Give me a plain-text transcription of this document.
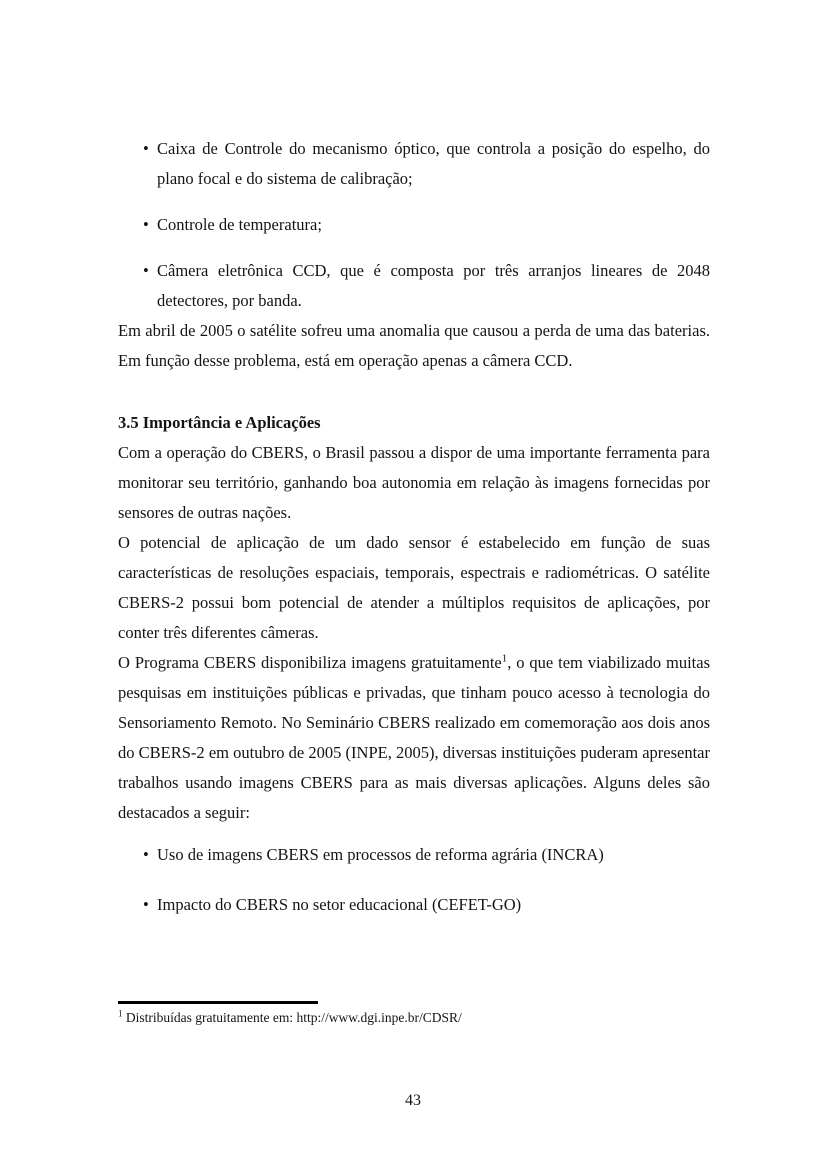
• Caixa de Controle do mecanismo óptico, que controla a posição do espelho, do plano focal e do sistema de calibração;
• Controle de temperatura;
• Câmera eletrônica CCD, que é composta por três arranjos lineares de 2048 detectores, por banda.

Em abril de 2005 o satélite sofreu uma anomalia que causou a perda de uma das baterias. Em função desse problema, está em operação apenas a câmera CCD.

3.5 Importância e Aplicações

Com a operação do CBERS, o Brasil passou a dispor de uma importante ferramenta para monitorar seu território, ganhando boa autonomia em relação às imagens fornecidas por sensores de outras nações.

O potencial de aplicação de um dado sensor é estabelecido em função de suas características de resoluções espaciais, temporais, espectrais e radiométricas. O satélite CBERS-2 possui bom potencial de atender a múltiplos requisitos de aplicações, por conter três diferentes câmeras.

O Programa CBERS disponibiliza imagens gratuitamente$^1$, o que tem viabilizado muitas pesquisas em instituições públicas e privadas, que tinham pouco acesso à tecnologia do Sensoriamento Remoto. No Seminário CBERS realizado em comemoração aos dois anos do CBERS-2 em outubro de 2005 (INPE, 2005), diversas instituições puderam apresentar trabalhos usando imagens CBERS para as mais diversas aplicações. Alguns deles são destacados a seguir:

• Uso de imagens CBERS em processos de reforma agrária (INCRA)
• Impacto do CBERS no setor educacional (CEFET-GO)
$^1$ Distribuídas gratuitamente em: http://www.dgi.inpe.br/CDSR/
43
